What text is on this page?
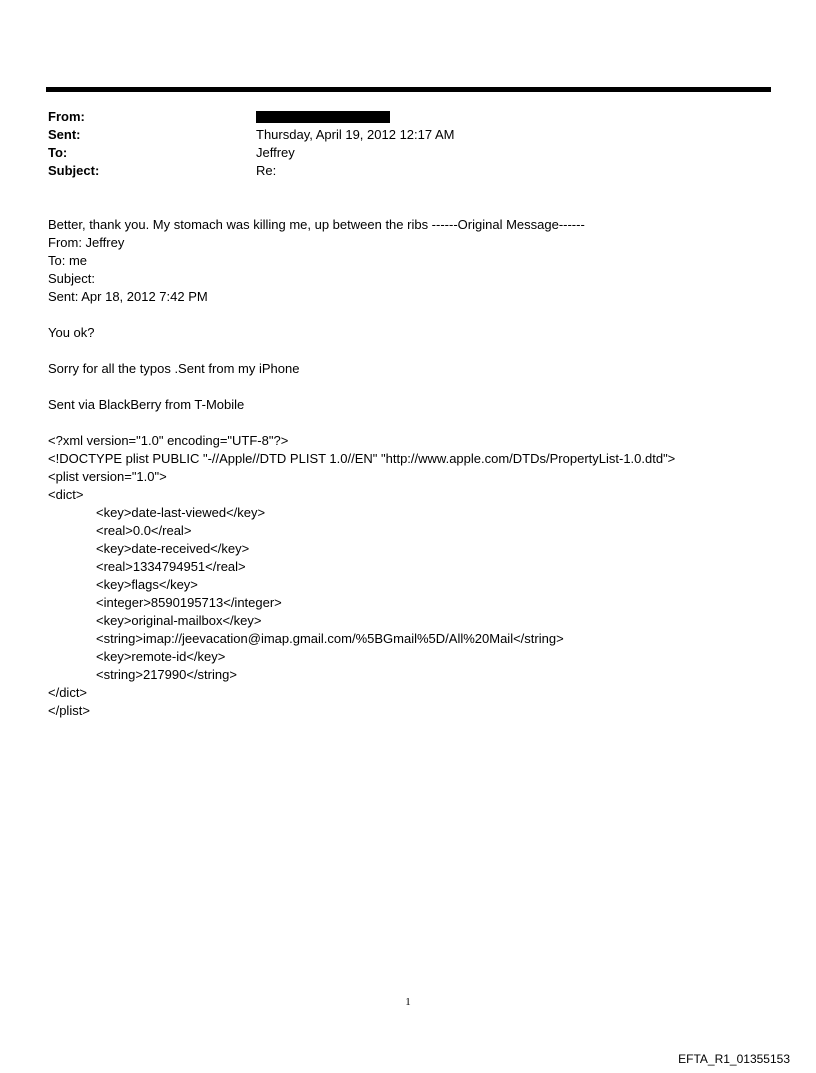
From:
Sent:	Thursday, April 19, 2012 12:17 AM
To:	Jeffrey
Subject:	Re:
Better, thank you. My stomach was killing me, up between the ribs ------Original Message------
From: Jeffrey
To: me
Subject:
Sent: Apr 18, 2012 7:42 PM
You ok?
Sorry for all the typos .Sent from my iPhone
Sent via BlackBerry from T-Mobile
<?xml version="1.0" encoding="UTF-8"?>
<!DOCTYPE plist PUBLIC "-//Apple//DTD PLIST 1.0//EN" "http://www.apple.com/DTDs/PropertyList-1.0.dtd">
<plist version="1.0">
<dict>
<key>date-last-viewed</key>
<real>0.0</real>
<key>date-received</key>
<real>1334794951</real>
<key>flags</key>
<integer>8590195713</integer>
<key>original-mailbox</key>
<string>imap://jeevacation@imap.gmail.com/%5BGmail%5D/All%20Mail</string>
<key>remote-id</key>
<string>217990</string>
</dict>
</plist>
1
EFTA_R1_01355153
